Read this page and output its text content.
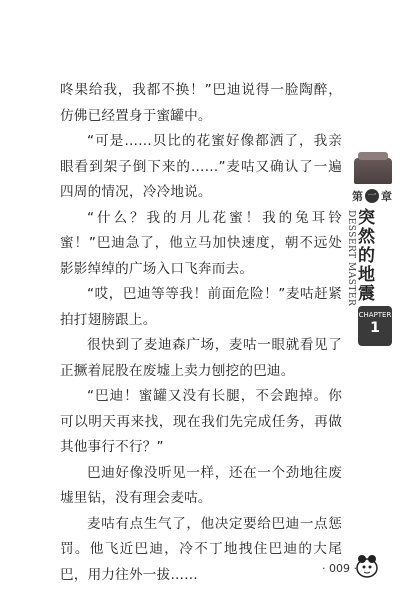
咚果给我，我都不换！”巴迪说得一脸陶醉，仿佛已经置身于蜜罐中。

“可是……贝比的花蜜好像都洒了，我亲眼看到架子倒下来的……”麦咕又确认了一遍四周的情况，冷冷地说。

“什么？我的月儿花蜜！我的兔耳铃蜜！”巴迪急了，他立马加快速度，朝不远处影影绰绰的广场入口飞奔而去。

“哎，巴迪等等我！前面危险！”麦咕赶紧拍打翅膀跟上。

很快到了麦迪森广场，麦咕一眼就看见了正撅着屁股在废墟上卖力刨挖的巴迪。

“巴迪！蜜罐又没有长腿，不会跑掉。你可以明天再来找，现在我们先完成任务，再做其他事行不行？”

巴迪好像没听见一样，还在一个劲地往废墟里钻，没有理会麦咕。

麦咕有点生气了，他决定要给巴迪一点惩罚。他飞近巴迪，冷不丁地拽住巴迪的大尾巴，用力往外一拔……

第 一 章
突然的地震
DESSERT MASTER
CHAPTER
1
· 009 ·
